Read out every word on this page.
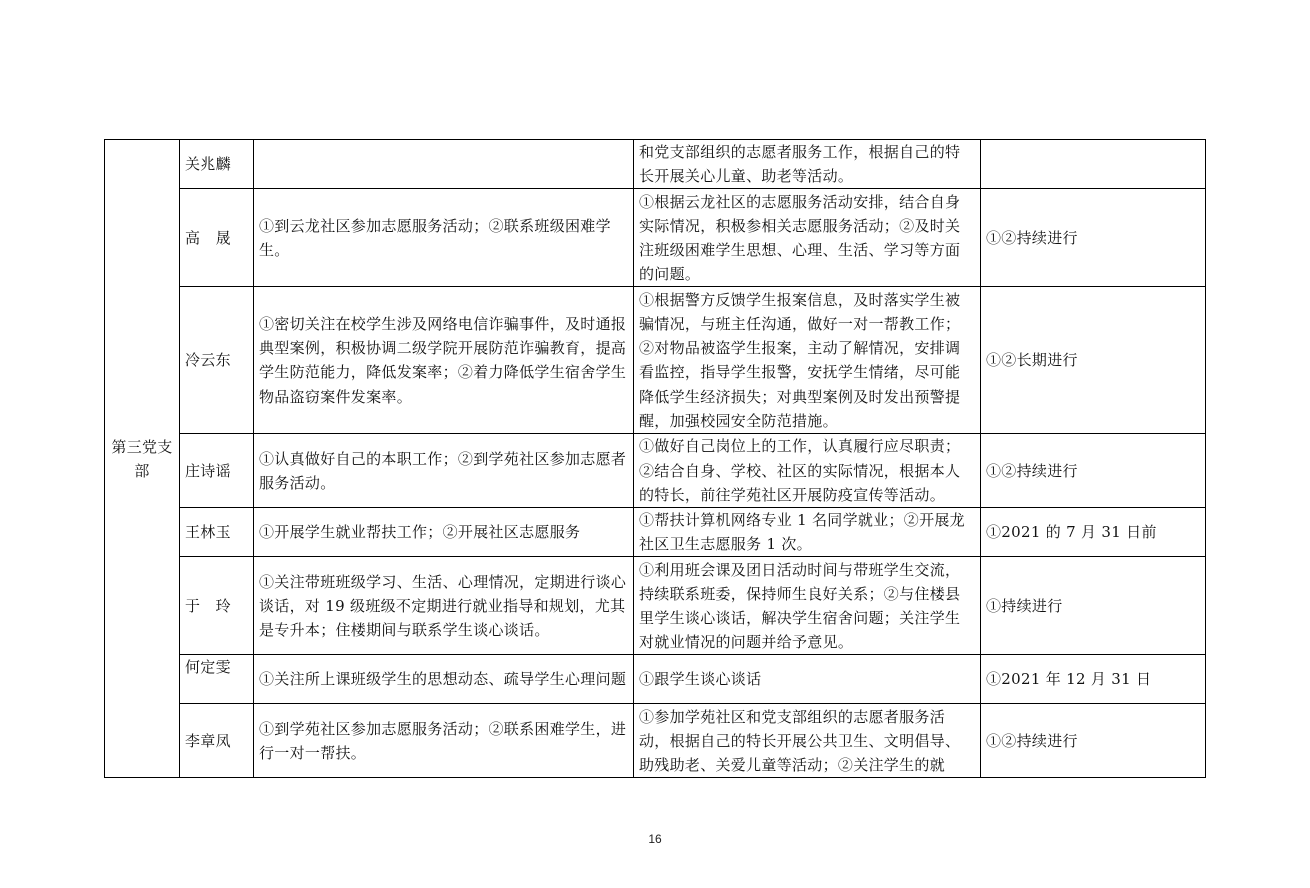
第三党支部	关兆麟		和党支部组织的志愿者服务工作，根据自己的特长开展关心儿童、助老等活动。	
	高　晟	①到云龙社区参加志愿服务活动；②联系班级困难学生。	①根据云龙社区的志愿服务活动安排，结合自身实际情况，积极参相关志愿服务活动；②及时关注班级困难学生思想、心理、生活、学习等方面的问题。	①②持续进行
	冷云东	①密切关注在校学生涉及网络电信诈骗事件，及时通报典型案例，积极协调二级学院开展防范诈骗教育，提高学生防范能力，降低发案率；②着力降低学生宿舍学生物品盗窃案件发案率。	①根据警方反馈学生报案信息，及时落实学生被骗情况，与班主任沟通，做好一对一帮教工作；②对物品被盗学生报案，主动了解情况，安排调看监控，指导学生报警，安抚学生情绪，尽可能降低学生经济损失；对典型案例及时发出预警提醒，加强校园安全防范措施。	①②长期进行
	庄诗谣	①认真做好自己的本职工作；②到学苑社区参加志愿者服务活动。	①做好自己岗位上的工作，认真履行应尽职责；②结合自身、学校、社区的实际情况，根据本人的特长，前往学苑社区开展防疫宣传等活动。	①②持续进行
	王林玉	①开展学生就业帮扶工作；②开展社区志愿服务	①帮扶计算机网络专业 1 名同学就业；②开展龙社区卫生志愿服务 1 次。	①2021 的 7 月 31 日前
	于　玲	①关注带班班级学习、生活、心理情况，定期进行谈心谈话，对 19 级班级不定期进行就业指导和规划，尤其是专升本；住楼期间与联系学生谈心谈话。	①利用班会课及团日活动时间与带班学生交流，持续联系班委，保持师生良好关系；②与住楼县里学生谈心谈话，解决学生宿舍问题；关注学生对就业情况的问题并给予意见。	①持续进行
	何定雯	①关注所上课班级学生的思想动态、疏导学生心理问题	①跟学生谈心谈话	①2021 年 12 月 31 日
	李章凤	①到学苑社区参加志愿服务活动；②联系困难学生，进行一对一帮扶。	①参加学苑社区和党支部组织的志愿者服务活动，根据自己的特长开展公共卫生、文明倡导、助残助老、关爱儿童等活动；②关注学生的就	①②持续进行
16
